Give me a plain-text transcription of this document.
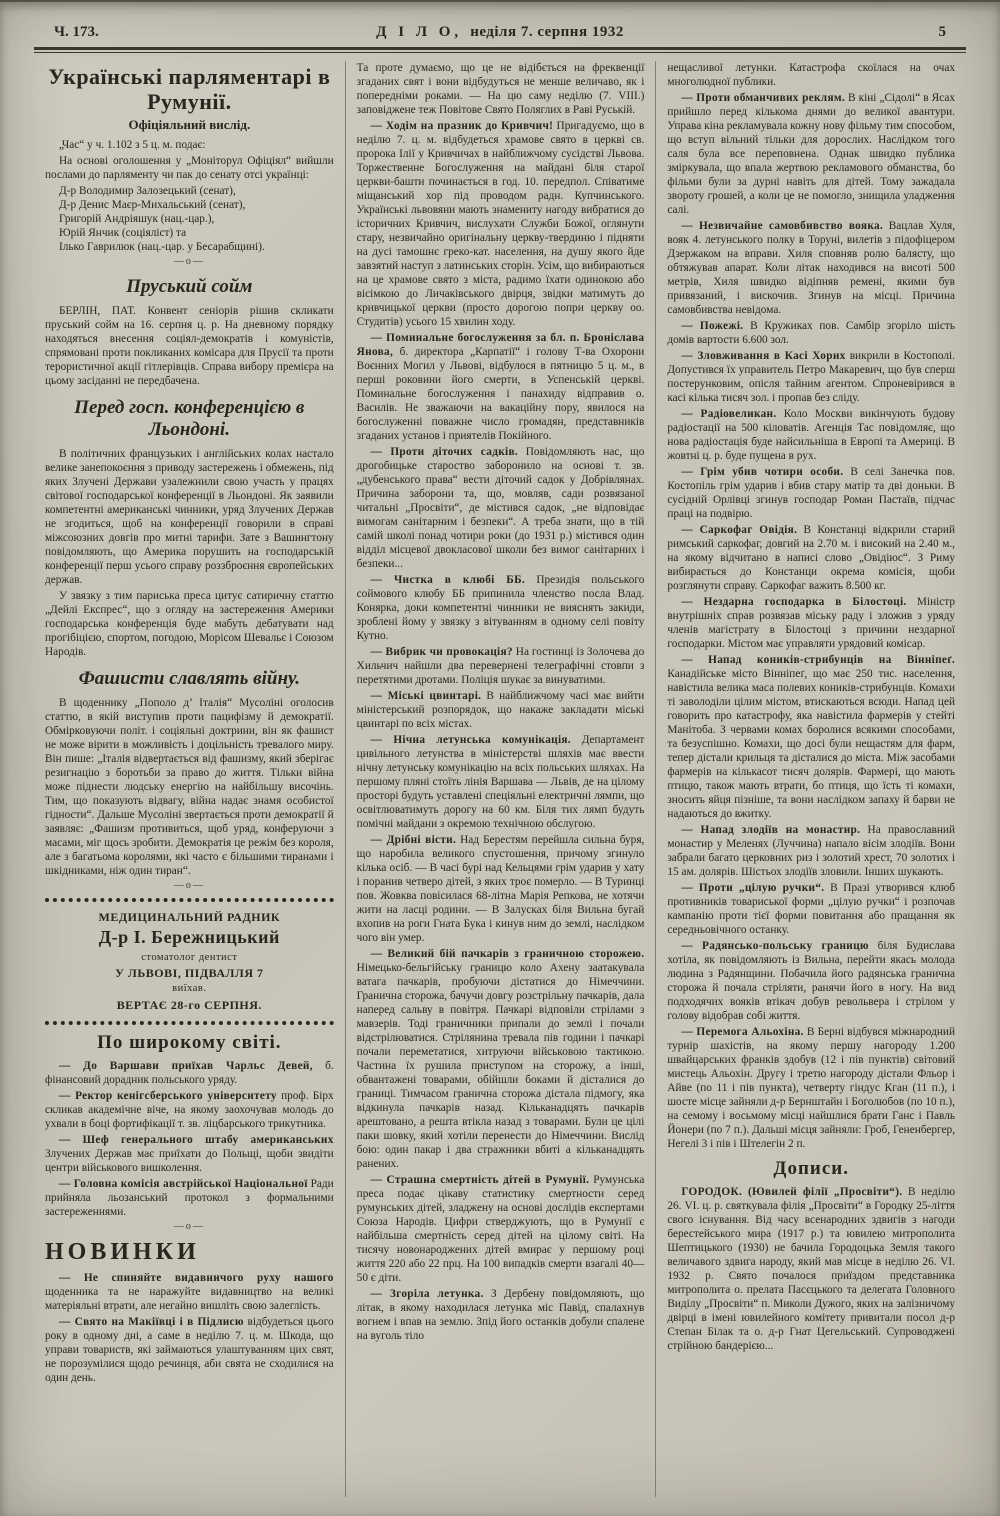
Ч. 173.	Д І Л О, неділя 7. серпня 1932	5
Українські парляментарі в Румунії.
Офіціяльний вислід.

„Час“ у ч. 1.102 з 5 ц. м. подає:

На основі оголошення у „Моніторул Офіціял“ вийшли послами до парляменту чи пак до сенату отсі українці:

Д-р Володимир Залозецький (сенат),
Д-р Денис Маєр-Михальський (сенат),
Григорій Андріяшук (нац.-цар.),
Юрій Янчик (соціяліст) та
Ілько Гаврилюк (нац.-цар. у Бесарабщині).
—о—
Пруський сойм

БЕРЛІН, ПАТ. Конвент сеніорів рішив скликати пруський сойм на 16. серпня ц. р. На дневному порядку находяться внесення соціял-демократів і комуністів, спрямовані проти покликаних комісара для Прусії та проти терористичної акції гітлерівців. Справа вибору премієра на цьому засіданні не передбачена.

Перед госп. конференцією в Льондоні.

В політичних французьких і англійських колах настало велике занепокоєння з приводу застережень і обмежень, під яких Злучені Держави узалежнили свою участь у працях світової господарської конференції в Льондоні. Як заявили компетентні американські чинники, уряд Злучених Держав не згодиться, щоб на конференції говорили в справі міжсоюзних довгів про митні тарифи. Зате з Вашингтону повідомляють, що Америка порушить на господарській конференції перш усього справу роззброєння європейських держав.

У звязку з тим париська преса цитує сатиричну статтю „Дейлі Експрес“, що з огляду на застереження Америки господарська конференція буде мабуть дебатувати над прогібіцією, спортом, погодою, Морісом Шевальє і Союзом Народів.

Фашисти славлять війну.

В щоденнику „Пополо д’ Італія“ Мусоліні оголосив статтю, в якій виступив проти пацифізму й демократії. Обмірковуючи політ. і соціяльні доктрини, він як фашист не може вірити в можливість і доцільність тревалого миру. Він пише: „Італія відвертається від фашизму, який зберігає резигнацію з боротьби за право до життя. Тільки війна може піднести людську енергію на найбільшу височінь. Тим, що показують відвагу, війна надає знамя особистої гідности“. Дальше Мусоліні звертається проти демократії й заявляє: „Фашизм противиться, щоб уряд, конферуючи з масами, міг щось зробити. Демократія це режім без короля, але з багатьома королями, які часто є більшими тиранами і шкідниками, ніж один тиран“.

—о—
МЕДИЦИНАЛЬНИЙ РАДНИК
Д-р І. Бережницький
стоматолог дентист
У ЛЬВОВІ, ПІДВАЛЛЯ 7
виїхав.
ВЕРТАЄ 28-го СЕРПНЯ.
По широкому світі.

— До Варшави приїхав Чарльс Девей, б. фінансовий дорадник польського уряду.

— Ректор кенігсберського університету проф. Бірх скликав академічне віче, на якому заохочував молодь до ухвали в боці фортифікації т. зв. ліцбарського трикутника.

— Шеф генерального штабу американських Злучених Держав має приїхати до Польщі, щоби звидіти центри військового вишколення.

— Головна комісія австрійської Національної Ради прийняла льозанський протокол з формальними застереженнями.

—о—
НОВИНКИ

— Не спиняйте видавничого руху нашого щоденника та не наражуйте видавництво на великі матеріяльні втрати, але негайно вишліть свою залеглість.

— Свято на Макіївці і в Підлисю відбудеться цього року в одному дні, а саме в неділю 7. ц. м. Шкода, що управи товариств, які займаються улаштуванням цих свят, не порозумілися щодо речинця, аби свята не сходилися на один день.

Та проте думаємо, що це не відібється на фреквенції згаданих свят і вони відбудуться не менше величаво, як і попередніми роками. — На цю саму неділю (7. VIII.) заповіджене теж Повітове Свято Поляглих в Раві Руській.

— Ходім на празник до Кривчич! Пригадуємо, що в неділю 7. ц. м. відбудеться храмове свято в церкві св. пророка Ілії у Кривчичах в найближчому сусідстві Львова. Торжественне Богослуження на майдані біля старої церкви-башти починається в год. 10. передпол. Співатиме міщанський хор під проводом радн. Купчинського. Українські львовяни мають знамениту нагоду вибратися до історичних Кривчич, вислухати Служби Божої, оглянути стару, незвичайно оригінальну церкву-твердиню і підняти на дусі тамошнє греко-кат. населення, на душу якого йде завзятий наступ з латинських сторін. Усім, що вибираються на це храмове свято з міста, радимо їхати одинокою або вісімкою до Личаківського двірця, звідки матимуть до кривчицької церкви (просто дорогою попри церкву оо. Студитів) усього 15 хвилин ходу.

— Поминальне богослуження за бл. п. Броніслава Янова, б. директора „Карпатії“ і голову Т-ва Охорони Воєнних Могил у Львові, відбулося в пятницю 5 ц. м., в перші роковини його смерти, в Успенській церкві. Поминальне богослуження і панахиду відправив о. Василів. Не зважаючи на вакаційну пору, явилося на богослуженні поважне число громадян, представників згаданих установ і приятелів Покійного.

— Проти діточих садків. Повідомляють нас, що дрогобицьке староство заборонило на основі т. зв. „дубенського права“ вести діточий садок у Добрівлянах. Причина заборони та, що, мовляв, сади розвязаної читальні „Просвіти“, де містився садок, „не відповідає вимогам санітарним і безпеки“. А треба знати, що в тій самій школі понад чотири роки (до 1931 р.) містився один відділ місцевої двокласової школи без вимог санітарних і безпеки...

— Чистка в клюбі ББ. Президія польського соймового клюбу ББ припинила членство посла Влад. Конярка, доки компетентні чинники не вияснять закиди, зроблені йому у звязку з вітуванням в одному селі повіту Кутно.

— Вибрик чи провокація? На гостинці із Золочева до Хильчич найшли два перевернені телеграфічні стовпи з перетятими дротами. Поліція шукає за винуватими.

— Міські цвинтарі. В найближчому часі має вийти міністерський розпорядок, що накаже закладати міські цвинтарі по всіх містах.

— Нічна летунська комунікація. Департамент цивільного летунства в міністерстві шляхів має ввести нічну летунську комунікацію на всіх польських шляхах. На першому пляні стоїть лінія Варшава — Львів, де на цілому просторі будуть уставлені спеціяльні електричні лямпи, що освітлюватимуть дорогу на 60 км. Біля тих лямп будуть помічні майдани з окремою технічною обслугою.

— Дрібні вісти. Над Берестям перейшла сильна буря, що наробила великого спустошення, причому згинуло кілька осіб. — В часі бурі над Кельцями грім ударив у хату і поранив четверо дітей, з яких троє померло. — В Туринці пов. Жовква повісилася 68-літна Марія Репкова, не хотячи жити на ласці родини. — В Залусках біля Вильна бугай вхопив на роги Гната Бука і кинув ним до землі, наслідком чого він умер.

— Великий бій пачкарів з граничною сторожею. Німецько-бельгійську границю коло Ахену заатакувала ватага пачкарів, пробуючи дістатися до Німеччини. Гранична сторожа, бачучи довгу розстрільну пачкарів, дала наперед сальву в повітря. Пачкарі відповіли стрілами з мавзерів. Тоді граничники припали до землі і почали відстрілюватися. Стрілянина тревала пів години і пачкарі почали переметатися, хитруючи військовою тактикою. Частина їх рушила приступом на сторожу, а інші, обвантажені товарами, обійшли боками й дісталися до границі. Тимчасом гранична сторожа дістала підмогу, яка відкинула пачкарів назад. Кільканадцять пачкарів арештовано, а решта втікла назад з товарами. Були це цілі паки шовку, який хотіли перенести до Німеччини. Вислід бою: один пакар і два стражники вбиті а кільканадцять ранених.

— Страшна смертність дітей в Румунії. Румунська преса подає цікаву статистику смертности серед румунських дітей, зладжену на основі дослідів експертами Союза Народів. Цифри стверджують, що в Румунії є найбільша смертність серед дітей на цілому світі. На тисячу новонароджених дітей вмирає у першому році життя 220 або 22 прц. На 100 випадків смерти взагалі 40—50 є діти.

— Згоріла летунка. З Дербену повідомляють, що літак, в якому находилася летунка міс Павід, спалахнув вогнем і впав на землю. Зпід його останків добули спалене на вуголь тіло

нещасливої летунки. Катастрофа скоїлася на очах многолюдної публики.

— Проти обманчивих реклям. В кіні „Сідолі“ в Ясах прийшло перед кількома днями до великої авантури. Управа кіна рекламувала кожну нову фільму тим способом, що вступ вільний тільки для дорослих. Наслідком того саля була все переповнена. Однак швидко публика зміркувала, що впала жертвою рекламового обманства, бо фільми були за дурні навіть для дітей. Тому зажадала звороту грошей, а коли це не помогло, знищила уладження салі.

— Незвичайне самовбивство вояка. Вацлав Хуля, вояк 4. летунського полку в Торуні, вилетів з підофіцером Дзержаком на вправи. Хиля сповняв ролю балясту, що обтяжував апарат. Коли літак находився на висоті 500 метрів, Хиля швидко відіпняв ремені, якими був привязаний, і вискочив. Згинув на місці. Причина самовбивства невідома.

— Пожежі. В Кружиках пов. Самбір згоріло шість домів вартости 6.600 зол.

— Зловживання в Касі Хорих викрили в Костополі. Допустився їх управитель Петро Макаревич, що був сперш постерунковим, опісля тайним агентом. Спроневірився в касі кілька тисяч зол. і пропав без сліду.

— Радіовеликан. Коло Москви викінчують будову радіостації на 500 кіловатів. Агенція Тас повідомляє, що нова радіостація буде найсильніша в Европі та Америці. В жовтні ц. р. буде пущена в рух.

— Грім убив чотири особи. В селі Занечка пов. Костопіль грім ударив і вбив стару матір та дві доньки. В сусідній Орлівці згинув господар Роман Пастаїв, підчас праці на подвірю.

— Саркофаг Овідія. В Констанці відкрили старий римський саркофаг, довгий на 2.70 м. і високий на 2.40 м., на якому відчитано в написі слово „Овідіюс“. З Риму вибирається до Констанци окрема комісія, щоби розглянути справу. Саркофаг важить 8.500 кг.

— Нездарна господарка в Білостоці. Міністр внутрішніх справ розвязав міську раду і зложив з уряду членів магістрату в Білостоці з причини нездарної господарки. Містом має управляти урядовий комісар.

— Напад коників-стрибунців на Вінніпеґ. Канадійське місто Вінніпеґ, що має 250 тис. населення, навістила велика маса полевих коників-стрибунців. Комахи ті заволоділи цілим містом, втискаються всюди. Напад цей говорить про катастрофу, яка навістила фармерів у стейті Манітоба. З червами комах боролися всякими способами, та безуспішно. Комахи, що досі були нещастям для фарм, тепер дістали крильця та дісталися до міста. Між засобами фармерів на кількасот тисяч долярів. Фармері, що мають птицю, також мають втрати, бо птиця, що їсть ті комахи, зносить яйця пізніше, та вони наслідком запаху й барви не надаються до вжитку.

— Напад злодіїв на монастир. На православний монастир у Меленях (Луччина) напало вісім злодіїв. Вони забрали багато церковних риз і золотий хрест, 70 золотих і 15 ам. долярів. Шістьох злодіїв зловили. Інших шукають.

— Проти „цілую ручки“. В Празі утворився клюб противників товариської форми „цілую ручки“ і розпочав кампанію проти тієї форми повитання або пращання як середньовічного останку.

— Радянсько-польську границю біля Будислава хотіла, як повідомляють із Вильна, перейти якась молода людина з Радянщини. Побачила його радянська гранична сторожа й почала стріляти, ранячи його в ногу. На вид подходячих вояків втікач добув револьвера і стрілом у голову відобрав собі життя.

— Перемога Альохіна. В Берні відбувся міжнародний турнір шахістів, на якому першу нагороду 1.200 швайцарських франків здобув (12 і пів пунктів) світовий мистець Альохін. Другу і третю нагороду дістали Фльор і Айве (по 11 і пів пункта), четверту гіндус Кган (11 п.), і шосте місце зайняли д-р Бернштайн і Боголюбов (по 10 п.), на семому і восьмому місці найшлися брати Ганс і Павль Йонери (по 7 п.). Дальші місця зайняли: Гроб, Гененбергер, Негелі 3 і пів і Штелегін 2 п.

Дописи.

ГОРОДОК. (Ювилей філії „Просвіти“). В неділю 26. VI. ц. р. святкувала філія „Просвіти“ в Городку 25-ліття свого існування. Від часу всенародних здвигів з нагоди берестейського мира (1917 р.) та ювилею митрополита Шептицького (1930) не бачила Городоцька Земля такого величавого здвига народу, який мав місце в неділю 26. VI. 1932 р. Свято почалося приїздом представника митрополита о. прелата Пасєцького та делегата Головного Виділу „Просвіти“ п. Миколи Дужого, яких на залізничому двірці в імені ювилейного комітету привитали посол д-р Степан Білак та о. д-р Гнат Цегельський. Супроводжені стрійною бандерією...
